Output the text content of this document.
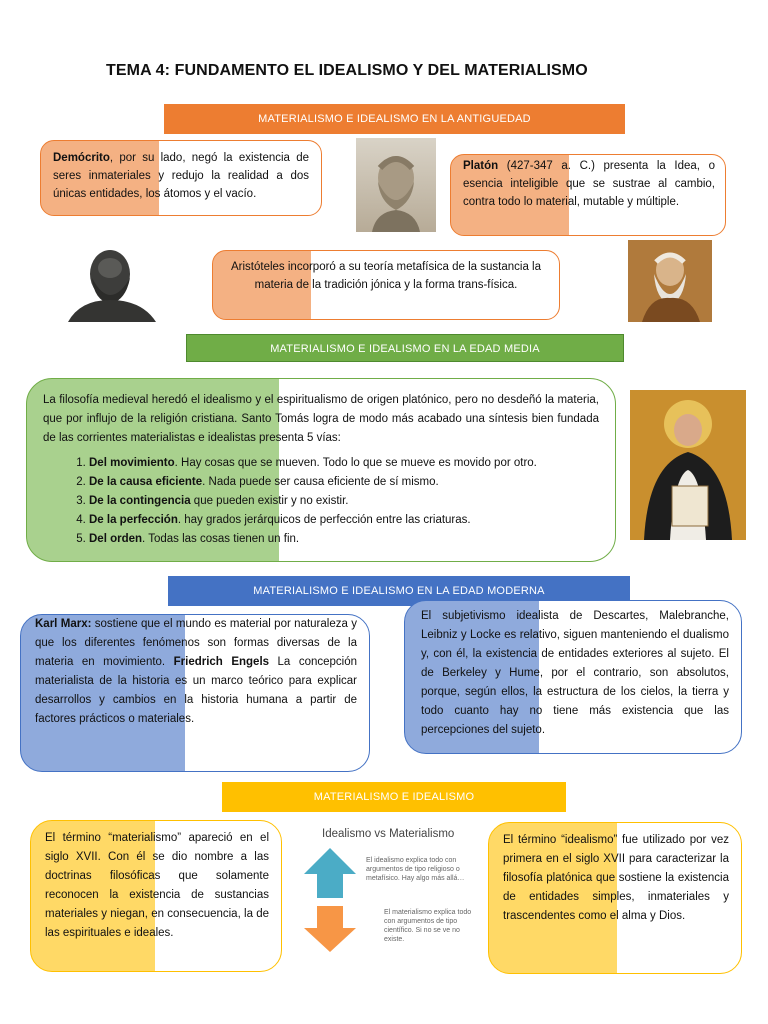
TEMA 4: FUNDAMENTO EL IDEALISMO Y DEL MATERIALISMO
MATERIALISMO E IDEALISMO EN LA ANTIGUEDAD
Demócrito, por su lado, negó la existencia de seres inmateriales y redujo la realidad a dos únicas entidades, los átomos y el vacío.
Platón (427-347 a. C.) presenta la Idea, o esencia inteligible que se sustrae al cambio, contra todo lo material, mutable y múltiple.
Aristóteles incorporó a su teoría metafísica de la sustancia la materia de la tradición jónica y la forma trans-física.
MATERIALISMO E IDEALISMO EN LA EDAD MEDIA

La filosofía medieval heredó el idealismo y el espiritualismo de origen platónico, pero no desdeñó la materia, que por influjo de la religión cristiana. Santo Tomás logra de modo más acabado una síntesis bien fundada de las corrientes materialistas e idealistas presenta 5 vías:

1. Del movimiento. Hay cosas que se mueven. Todo lo que se mueve es movido por otro.
2. De la causa eficiente. Nada puede ser causa eficiente de sí mismo.
3. De la contingencia que pueden existir y no existir.
4. De la perfección. hay grados jerárquicos de perfección entre las criaturas.
5. Del orden. Todas las cosas tienen un fin.
MATERIALISMO E IDEALISMO EN LA EDAD MODERNA
Karl Marx: sostiene que el mundo es material por naturaleza y que los diferentes fenómenos son formas diversas de la materia en movimiento. Friedrich Engels La concepción materialista de la historia es un marco teórico para explicar desarrollos y cambios en la historia humana a partir de factores prácticos o materiales.
El subjetivismo idealista de Descartes, Malebranche, Leibniz y Locke es relativo, siguen manteniendo el dualismo y, con él, la existencia de entidades exteriores al sujeto. El de Berkeley y Hume, por el contrario, son absolutos, porque, según ellos, la estructura de los cielos, la tierra y todo cuanto hay no tiene más existencia que las percepciones del sujeto.
MATERIALISMO E IDEALISMO
El término “materialismo” apareció en el siglo XVII. Con él se dio nombre a las doctrinas filosóficas que solamente reconocen la existencia de sustancias materiales y niegan, en consecuencia, la de las espirituales e ideales.
Idealismo vs Materialismo
El idealismo explica todo con argumentos de tipo religioso o metafísico. Hay algo más allá…
El materialismo explica todo con argumentos de tipo científico. Si no se ve no existe.
El término “idealismo” fue utilizado por vez primera en el siglo XVII para caracterizar la filosofía platónica que sostiene la existencia de entidades simples, inmateriales y trascendentes como el alma y Dios.
